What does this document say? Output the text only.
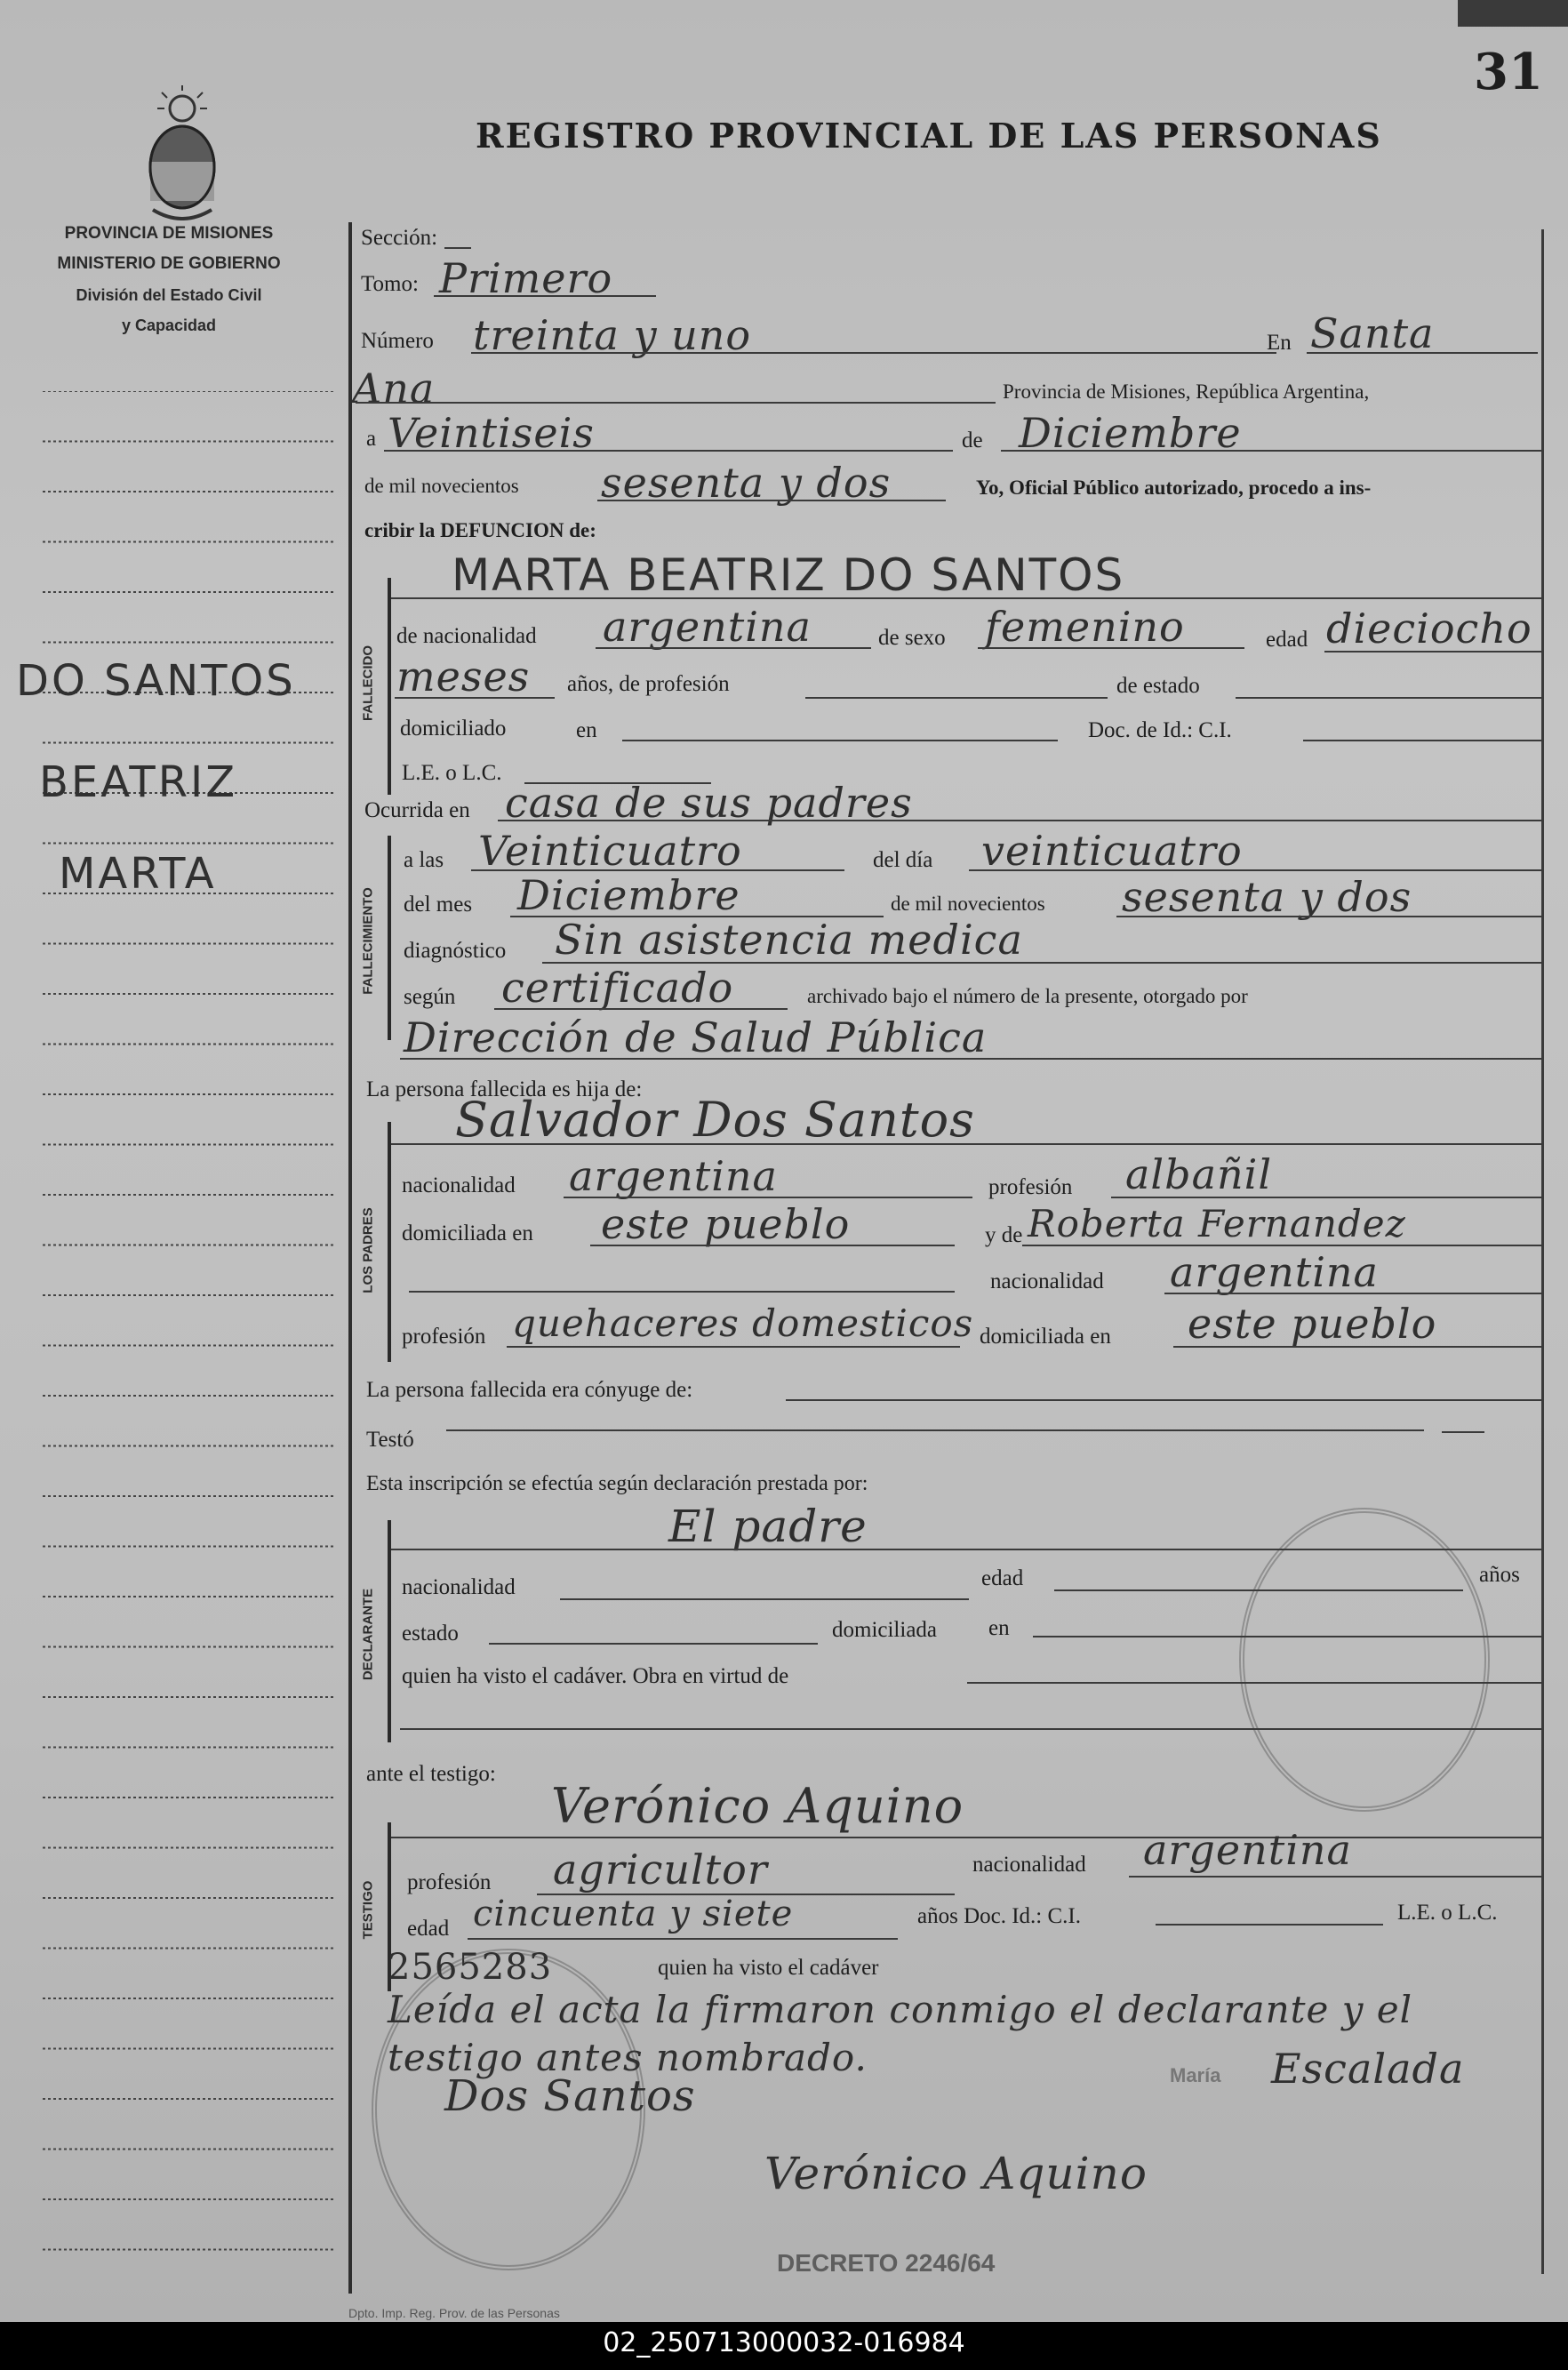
31
REGISTRO PROVINCIAL DE LAS PERSONAS
PROVINCIA DE MISIONES
MINISTERIO DE GOBIERNO
División del Estado Civil
y Capacidad
DO SANTOS
BEATRIZ
MARTA
Sección:
Tomo: Primero
Número treinta y uno	En Santa
Ana	Provincia de Misiones, República Argentina,
a Veintiseis	de Diciembre
de mil novecientos sesenta y dos	Yo, Oficial Público autorizado, procedo a ins-
cribir la DEFUNCION de:
FALLECIDO
MARTA BEATRIZ DO SANTOS
de nacionalidad argentina	de sexo femenino	edad dieciocho
meses años, de profesión	de estado
domiciliado	en	Doc. de Id.: C.I.
L.E. o L.C.
Ocurrida en casa de sus padres
FALLECIMIENTO
a las Veinticuatro	del día veinticuatro
del mes Diciembre	de mil novecientos sesenta y dos
diagnóstico Sin asistencia medica
según certificado	archivado bajo el número de la presente, otorgado por
Dirección de Salud Pública
La persona fallecida es hija de:
LOS PADRES
Salvador Dos Santos
nacionalidad argentina	profesión albañil
domiciliada en este pueblo	y de Roberta Fernandez
nacionalidad argentina
profesión quehaceres domesticos domiciliada en este pueblo
La persona fallecida era cónyuge de:
Testó
Esta inscripción se efectúa según declaración prestada por:
DECLARANTE
El padre
nacionalidad	edad	años
estado	domiciliada en
quien ha visto el cadáver. Obra en virtud de
ante el testigo:
TESTIGO
Verónico Aquino
profesión agricultor	nacionalidad argentina
edad cincuenta y siete	años Doc. Id.: C.I.	L.E. o L.C.
2565283	quien ha visto el cadáver
Leída el acta la firmaron conmigo el declarante y el
testigo antes nombrado.	María Escalada
Verónico Aquino
Dos Santos
DECRETO 2246/64
Dpto. Imp. Reg. Prov. de las Personas
02_250713000032-016984
